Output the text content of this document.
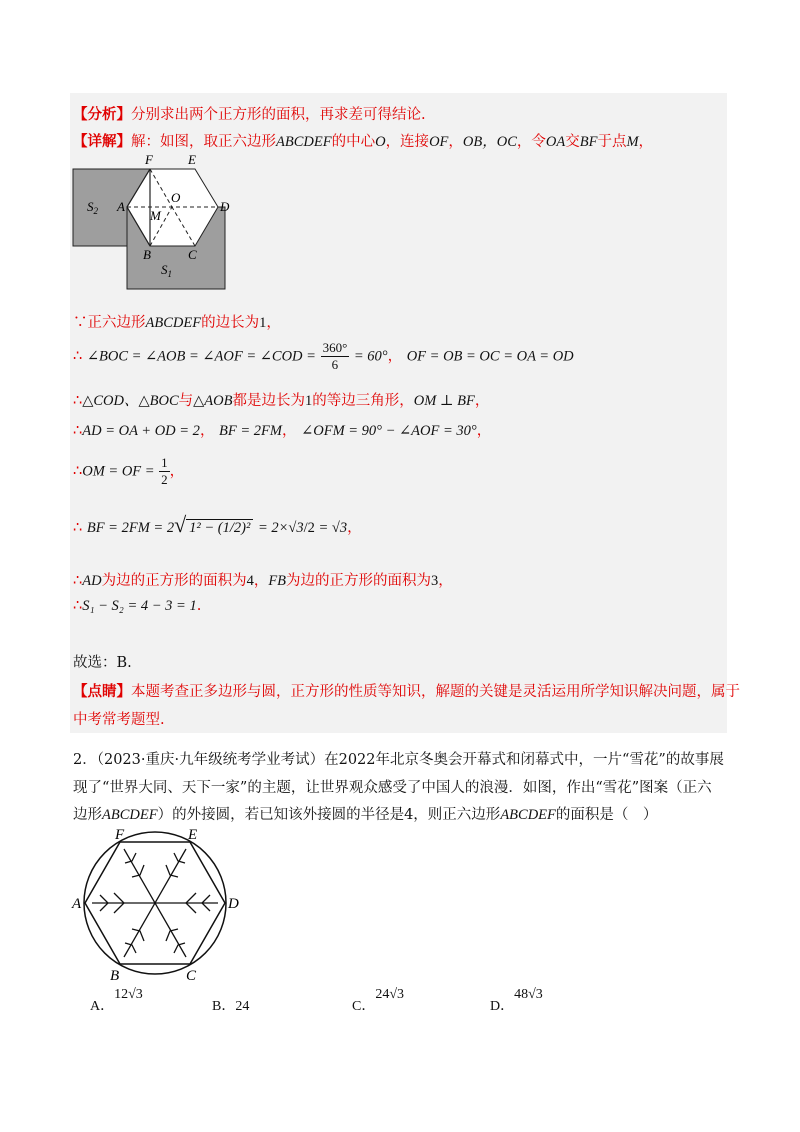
【分析】分别求出两个正方形的面积，再求差可得结论.
【详解】解：如图，取正六边形ABCDEF的中心O，连接OF，OB，OC，令OA交BF于点M，
F	E
O
A	D
M
B	C
$S_2$
$S_1$
∵正六边形ABCDEF的边长为1，
∴ ∠BOC = ∠AOB = ∠AOF = ∠COD = $\frac{360^\circ}{6} = 60^\circ$， OF = OB = OC = OA = OD
∴△COD、△BOC与△AOB都是边长为1的等边三角形，OM ⊥ BF，
∴AD = OA + OD = 2， BF = 2FM， ∠OFM = 90° − ∠AOF = 30°，
∴OM = OF = $\frac{1}{2}$ ，
∴ BF = 2FM = 2√ 1² − (1/2)² = 2×√3/2 = √3，
∴AD为边的正方形的面积为4，FB为边的正方形的面积为3，
∴S₁ − S₂ = 4 − 3 = 1.
故选：B.
【点睛】本题考查正多边形与圆，正方形的性质等知识，解题的关键是灵活运用所学知识解决问题，属于
中考常考题型.
2．（2023·重庆·九年级统考学业考试）在2022年北京冬奥会开幕式和闭幕式中，一片“雪花”的故事展
现了“世界大同、天下一家”的主题，让世界观众感受了中国人的浪漫．如图，作出“雪花”图案（正六
边形ABCDEF）的外接圆，若已知该外接圆的半径是4，则正六边形ABCDEF的面积是（　）
F	E
A	D
B	C
A．12√3
B．24	C．24√3
D．48√3
